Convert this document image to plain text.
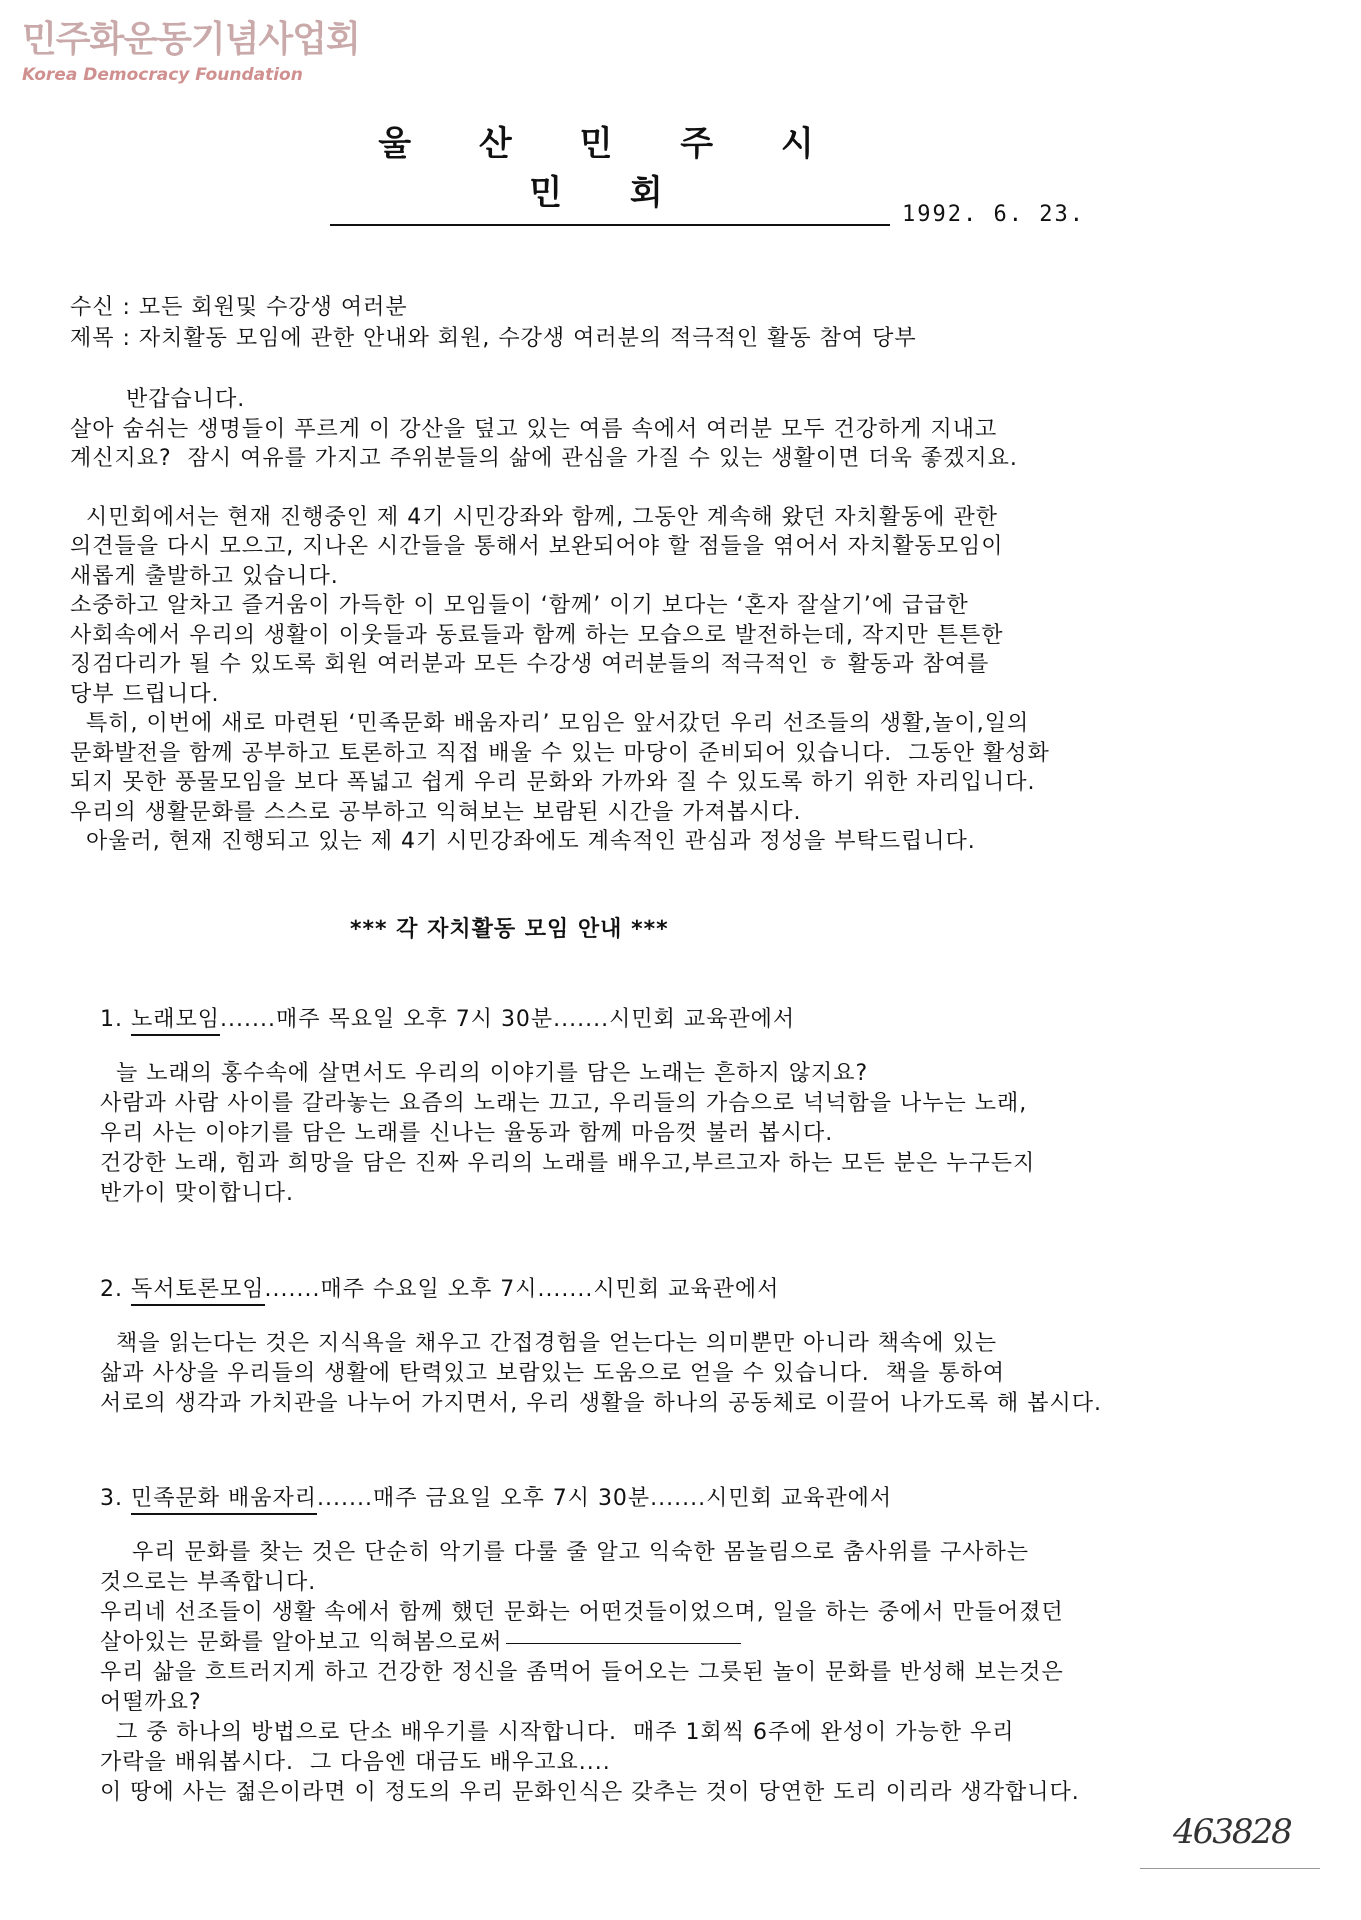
민주화운동기념사업회
Korea Democracy Foundation
울 산 민 주 시 민 회
1992. 6. 23.
수신 : 모든 회원및 수강생 여러분
제목 : 자치활동 모임에 관한 안내와 회원, 수강생 여러분의 적극적인 활동 참여 당부

반갑습니다.

살아 숨쉬는 생명들이 푸르게 이 강산을 덮고 있는 여름 속에서 여러분 모두 건강하게 지내고

계신지요?  잠시 여유를 가지고 주위분들의 삶에 관심을 가질 수 있는 생활이면 더욱 좋겠지요.

시민회에서는 현재 진행중인 제 4기 시민강좌와 함께, 그동안 계속해 왔던 자치활동에 관한

의견들을 다시 모으고, 지나온 시간들을 통해서 보완되어야 할 점들을 엮어서 자치활동모임이

새롭게 출발하고 있습니다.

소중하고 알차고 즐거움이 가득한 이 모임들이 ‘함께’ 이기 보다는 ‘혼자 잘살기’에 급급한

사회속에서 우리의 생활이 이웃들과 동료들과 함께 하는 모습으로 발전하는데, 작지만 튼튼한

징검다리가 될 수 있도록 회원 여러분과 모든 수강생 여러분들의 적극적인 ㅎ 활동과 참여를

당부 드립니다.

특히, 이번에 새로 마련된 ‘민족문화 배움자리’ 모임은 앞서갔던 우리 선조들의 생활,놀이,일의

문화발전을 함께 공부하고 토론하고 직접 배울 수 있는 마당이 준비되어 있습니다.  그동안 활성화

되지 못한 풍물모임을 보다 폭넓고 쉽게 우리 문화와 가까와 질 수 있도록 하기 위한 자리입니다.

우리의 생활문화를 스스로 공부하고 익혀보는 보람된 시간을 가져봅시다.

아울러, 현재 진행되고 있는 제 4기 시민강좌에도 계속적인 관심과 정성을 부탁드립니다.

*** 각 자치활동 모임 안내 ***
1. 노래모임.......매주 목요일 오후 7시 30분.......시민회 교육관에서

늘 노래의 홍수속에 살면서도 우리의 이야기를 담은 노래는 흔하지 않지요?

사람과 사람 사이를 갈라놓는 요즘의 노래는 끄고, 우리들의 가슴으로 넉넉함을 나누는 노래,

우리 사는 이야기를 담은 노래를 신나는 율동과 함께 마음껏 불러 봅시다.

건강한 노래, 힘과 희망을 담은 진짜 우리의 노래를 배우고,부르고자 하는 모든 분은 누구든지

반가이 맞이합니다.

2. 독서토론모임.......매주 수요일 오후 7시.......시민회 교육관에서

책을 읽는다는 것은 지식욕을 채우고 간접경험을 얻는다는 의미뿐만 아니라 책속에 있는

삶과 사상을 우리들의 생활에 탄력있고 보람있는 도움으로 얻을 수 있습니다.  책을 통하여

서로의 생각과 가치관을 나누어 가지면서, 우리 생활을 하나의 공동체로 이끌어 나가도록 해 봅시다.

3. 민족문화 배움자리.......매주 금요일 오후 7시 30분.......시민회 교육관에서

우리 문화를 찾는 것은 단순히 악기를 다룰 줄 알고 익숙한 몸놀림으로 춤사위를 구사하는

것으로는 부족합니다.

우리네 선조들이 생활 속에서 함께 했던 문화는 어떤것들이었으며, 일을 하는 중에서 만들어졌던

살아있는 문화를 알아보고 익혀봄으로써

우리 삶을 흐트러지게 하고 건강한 정신을 좀먹어 들어오는 그릇된 놀이 문화를 반성해 보는것은

어떨까요?

그 중 하나의 방법으로 단소 배우기를 시작합니다.  매주 1회씩 6주에 완성이 가능한 우리

가락을 배워봅시다.  그 다음엔 대금도 배우고요....

이 땅에 사는 젊은이라면 이 정도의 우리 문화인식은 갖추는 것이 당연한 도리 이리라 생각합니다.

463828
